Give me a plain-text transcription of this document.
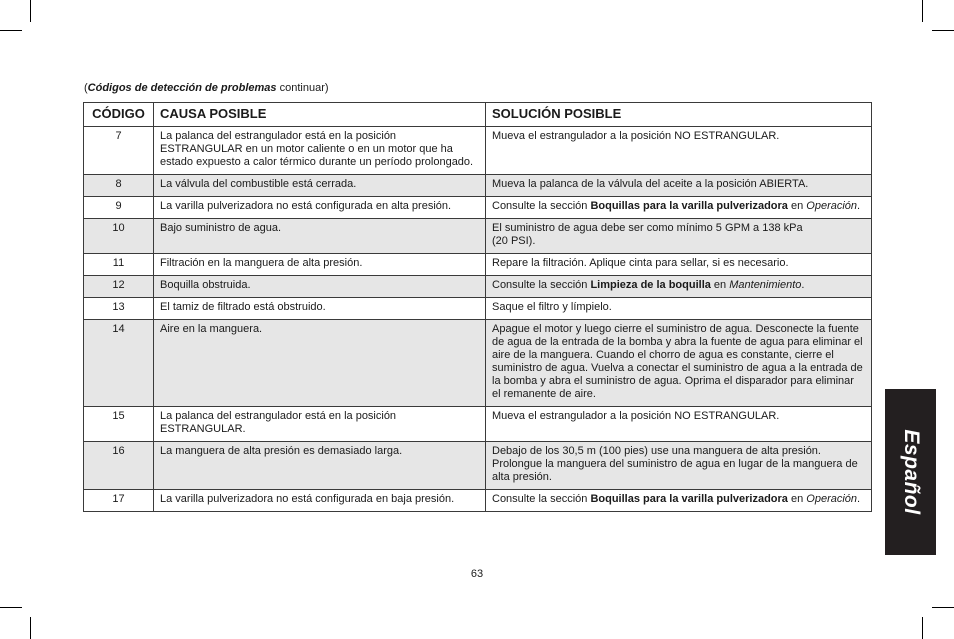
(Códigos de detección de problemas continuar)
CÓDIGO	CAUSA POSIBLE	SOLUCIÓN POSIBLE
7	La palanca del estrangulador está en la posición ESTRANGULAR en un motor caliente o en un motor que ha estado expuesto a calor térmico durante un período prolongado.	Mueva el estrangulador a la posición NO ESTRANGULAR.
8	La válvula del combustible está cerrada.	Mueva la palanca de la válvula del aceite a la posición ABIERTA.
9	La varilla pulverizadora no está configurada en alta presión.	Consulte la sección Boquillas para la varilla pulverizadora en Operación.
10	Bajo suministro de agua.	El suministro de agua debe ser como mínimo 5 GPM a 138 kPa
(20 PSI).
11	Filtración en la manguera de alta presión.	Repare la filtración. Aplique cinta para sellar, si es necesario.
12	Boquilla obstruida.	Consulte la sección Limpieza de la boquilla en Mantenimiento.
13	El tamiz de filtrado está obstruido.	Saque el filtro y límpielo.
14	Aire en la manguera.	Apague el motor y luego cierre el suministro de agua. Desconecte la fuente de agua de la entrada de la bomba y abra la fuente de agua para eliminar el aire de la manguera. Cuando el chorro de agua es constante, cierre el suministro de agua. Vuelva a conectar el suministro de agua a la entrada de la bomba y abra el suministro de agua. Oprima el disparador para eliminar el remanente de aire.
15	La palanca del estrangulador está en la posición ESTRANGULAR.	Mueva el estrangulador a la posición NO ESTRANGULAR.
16	La manguera de alta presión es demasiado larga.	Debajo de los 30,5 m (100 pies) use una manguera de alta presión. Prolongue la manguera del suministro de agua en lugar de la manguera de alta presión.
17	La varilla pulverizadora no está configurada en baja presión.	Consulte la sección Boquillas para la varilla pulverizadora en Operación. Español
63
